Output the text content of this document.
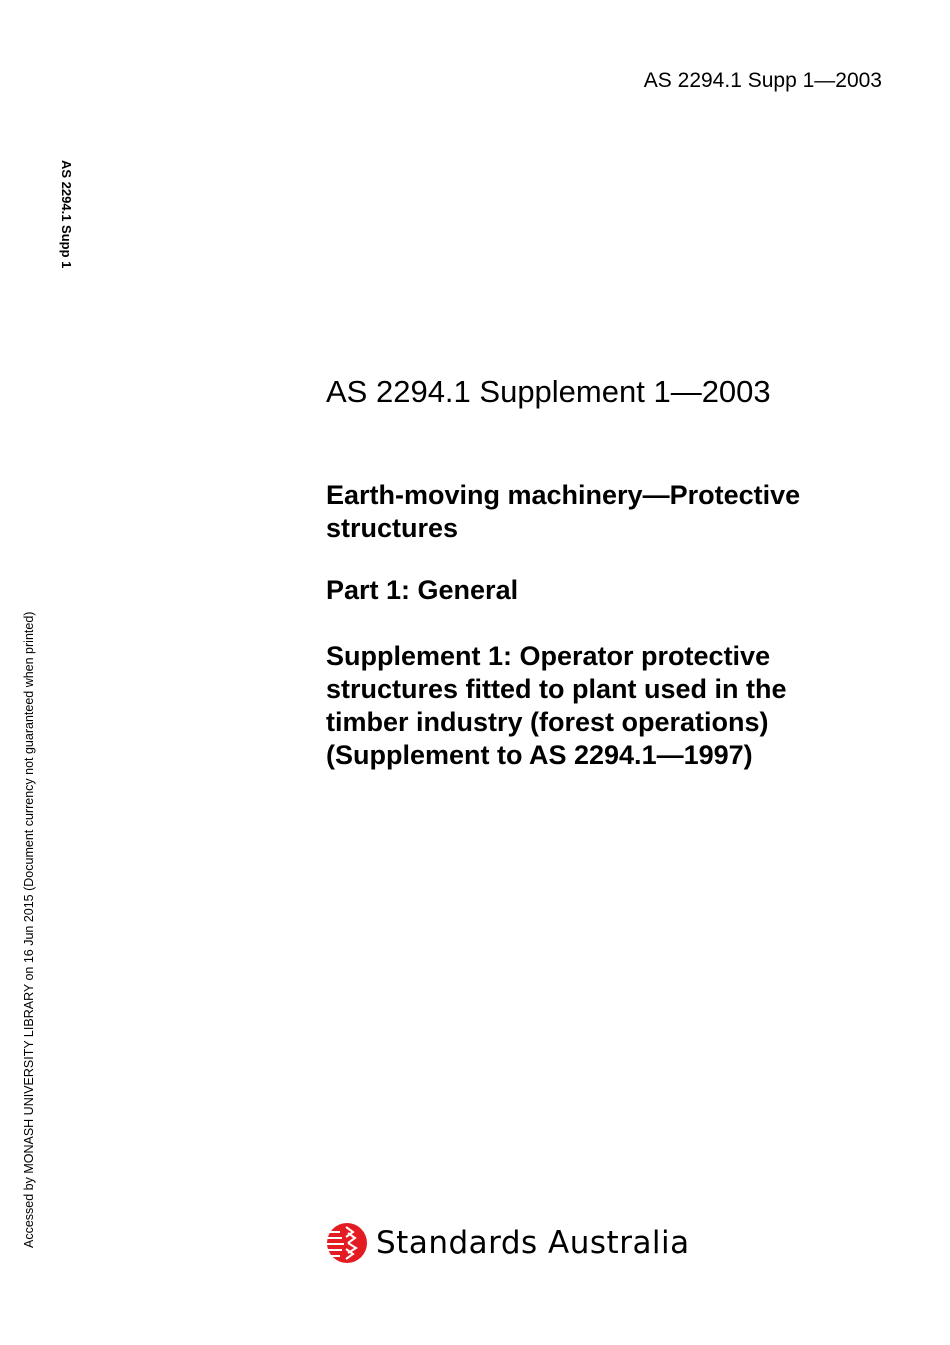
AS 2294.1 Supp 1—2003
AS 2294.1 Supp 1
Accessed by MONASH UNIVERSITY LIBRARY on 16 Jun 2015 (Document currency not guaranteed when printed)
AS 2294.1 Supplement 1—2003
Earth-moving machinery—Protective structures
Part 1: General
Supplement 1: Operator protective structures fitted to plant used in the timber industry (forest operations) (Supplement to AS 2294.1—1997)
Standards Australia
